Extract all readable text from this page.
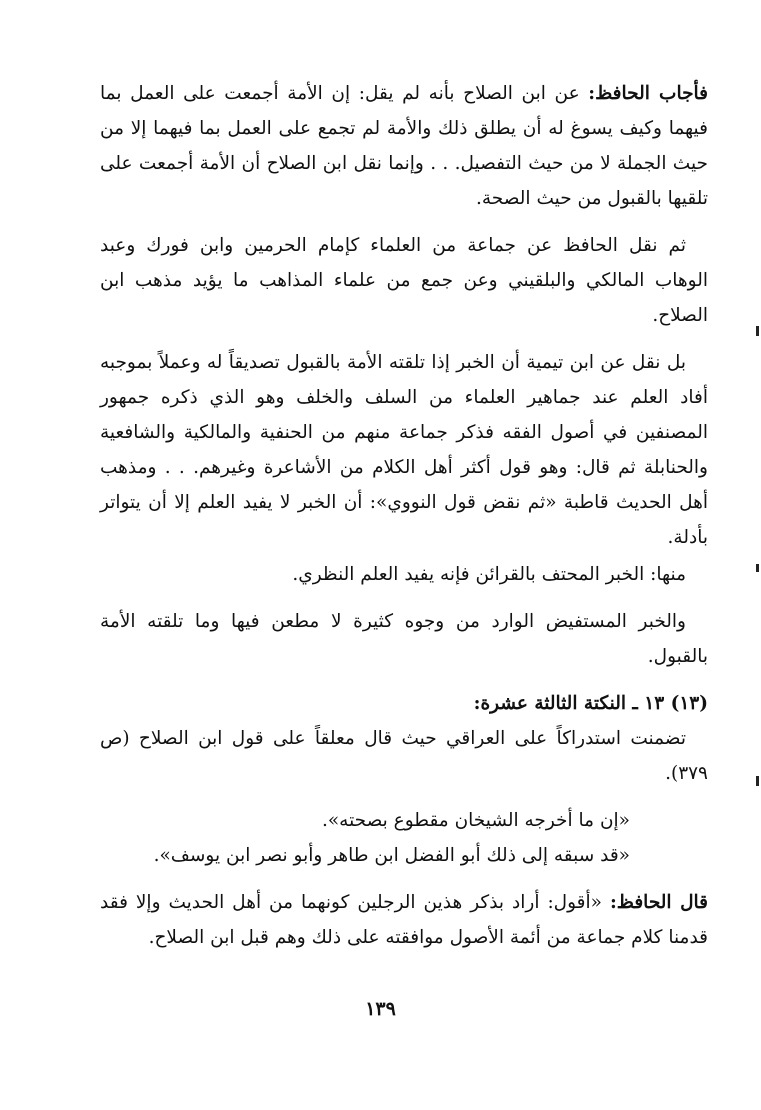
فأجاب الحافظ: عن ابن الصلاح بأنه لم يقل: إن الأمة أجمعت على العمل بما فيهما وكيف يسوغ له أن يطلق ذلك والأمة لم تجمع على العمل بما فيهما إلا من حيث الجملة لا من حيث التفصيل. . . وإنما نقل ابن الصلاح أن الأمة أجمعت على تلقيها بالقبول من حيث الصحة.

ثم نقل الحافظ عن جماعة من العلماء كإمام الحرمين وابن فورك وعبد الوهاب المالكي والبلقيني وعن جمع من علماء المذاهب ما يؤيد مذهب ابن الصلاح.

بل نقل عن ابن تيمية أن الخبر إذا تلقته الأمة بالقبول تصديقاً له وعملاً بموجبه أفاد العلم عند جماهير العلماء من السلف والخلف وهو الذي ذكره جمهور المصنفين في أصول الفقه فذكر جماعة منهم من الحنفية والمالكية والشافعية والحنابلة ثم قال: وهو قول أكثر أهل الكلام من الأشاعرة وغيرهم. . . ومذهب أهل الحديث قاطبة «ثم نقض قول النووي»: أن الخبر لا يفيد العلم إلا أن يتواتر بأدلة.

منها: الخبر المحتف بالقرائن فإنه يفيد العلم النظري.

والخبر المستفيض الوارد من وجوه كثيرة لا مطعن فيها وما تلقته الأمة بالقبول.

(١٣) ١٣ ـ النكتة الثالثة عشرة:

تضمنت استدراكاً على العراقي حيث قال معلقاً على قول ابن الصلاح (ص ٣٧٩).

«إن ما أخرجه الشيخان مقطوع بصحته».

«قد سبقه إلى ذلك أبو الفضل ابن طاهر وأبو نصر ابن يوسف».

قال الحافظ: «أقول: أراد بذكر هذين الرجلين كونهما من أهل الحديث وإلا فقد قدمنا كلام جماعة من أئمة الأصول موافقته على ذلك وهم قبل ابن الصلاح.

١٣٩
